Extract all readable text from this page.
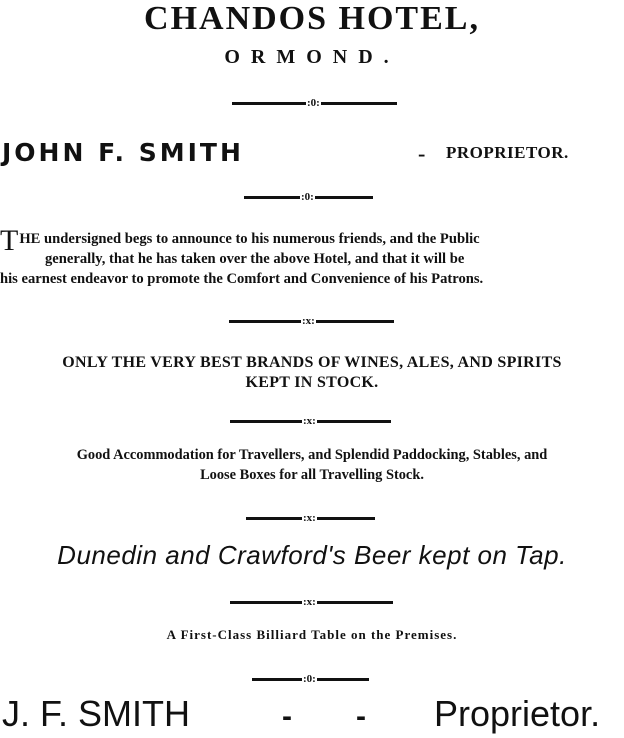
CHANDOS HOTEL,
ORMOND.
:0:
JOHN F. SMITH	- PROPRIETOR.
:0:
T HE undersigned begs to announce to his numerous friends, and the Public
generally, that he has taken over the above Hotel, and that it will be
his earnest endeavor to promote the Comfort and Convenience of his Patrons.
:x:
ONLY THE VERY BEST BRANDS OF WINES, ALES, AND SPIRITS
KEPT IN STOCK.
:x:
Good Accommodation for Travellers, and Splendid Paddocking, Stables, and
Loose Boxes for all Travelling Stock.
:x:
Dunedin and Crawford's Beer kept on Tap.
:x:
A First-Class Billiard Table on the Premises.
:0:
J. F. SMITH	- - Proprietor.
